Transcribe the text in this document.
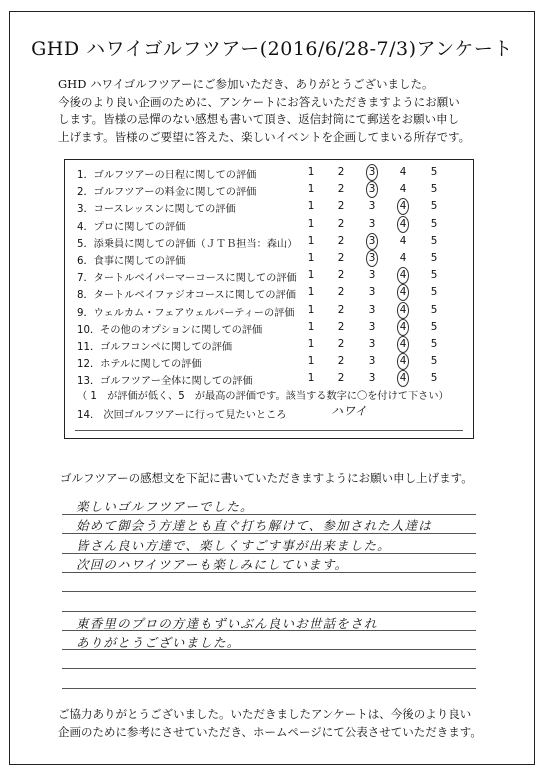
GHD ハワイゴルフツアー(2016/6/28-7/3)アンケート
GHD ハワイゴルフツアーにご参加いただき、ありがとうございました。
今後のより良い企画のために、アンケートにお答えいただきますようにお願い
します。皆様の忌憚のない感想も書いて頂き、返信封筒にて郵送をお願い申し
上げます。皆様のご要望に答えた、楽しいイベントを企画してまいる所存です。
（ 1　が評価が低く、5　が最高の評価です。該当する数字に〇を付けて下さい）
14.　次回ゴルフツアーに行って見たいところ	ハワイ
1．ゴルフツアーの日程に関しての評価	1 2 3 4 5
2．ゴルフツアーの料金に関しての評価	1 2 3 4 5
3．コースレッスンに関しての評価	1 2 3 4 5
4．プロに関しての評価	1 2 3 4 5
5．添乗員に関しての評価（ＪＴＢ担当：森山） 1 2 3 4 5
6．食事に関しての評価	1 2 3 4 5
7．タートルベイパーマーコースに関しての評価 1 2 3 4 5
8．タートルベイファジオコースに関しての評価 1 2 3 4 5
9．ウェルカム・フェアウェルパーティーの評価 1 2 3 4 5
10．その他のオプションに関しての評価	1 2 3 4 5
11．ゴルフコンペに関しての評価	1 2 3 4 5
12．ホテルに関しての評価	1 2 3 4 5
13．ゴルフツアー全体に関しての評価	1 2 3 4 5
ゴルフツアーの感想文を下記に書いていただきますようにお願い申し上げます。
楽しいゴルフツアーでした。
始めて御会う方達とも直ぐ打ち解けて、参加された人達は
皆さん良い方達で、楽しくすごす事が出来ました。
次回のハワイツアーも楽しみにしています。
東香里のプロの方達もずいぶん良いお世話をされ
ありがとうございました。
ご協力ありがとうございました。いただきましたアンケートは、今後のより良い
企画のために参考にさせていただき、ホームページにて公表させていただきます。
